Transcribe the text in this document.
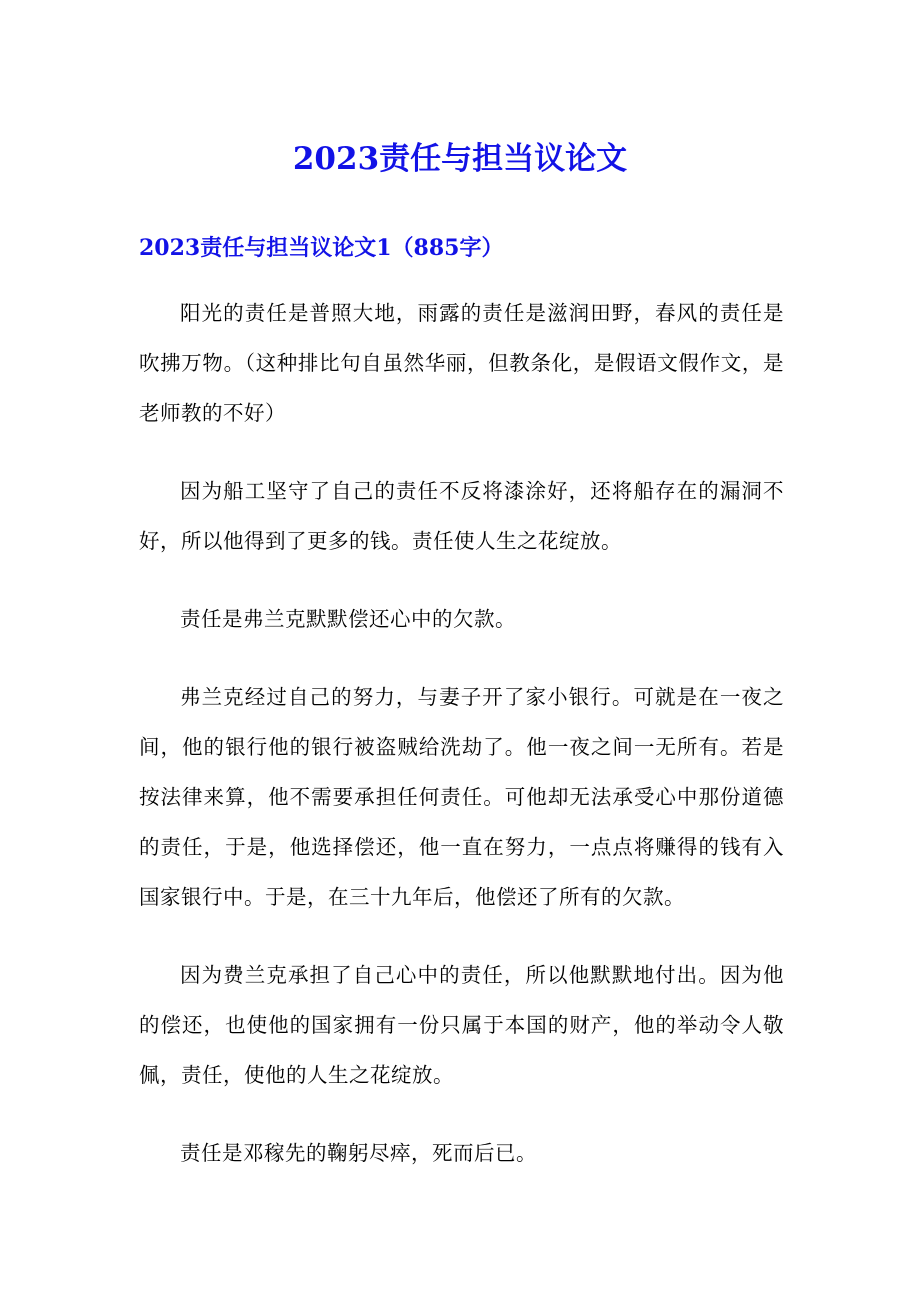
2023责任与担当议论文
2023责任与担当议论文1（885字）

阳光的责任是普照大地，雨露的责任是滋润田野，春风的责任是吹拂万物。（这种排比句自虽然华丽，但教条化，是假语文假作文，是老师教的不好）

因为船工坚守了自己的责任不反将漆涂好，还将船存在的漏洞不好，所以他得到了更多的钱。责任使人生之花绽放。

责任是弗兰克默默偿还心中的欠款。

弗兰克经过自己的努力，与妻子开了家小银行。可就是在一夜之间，他的银行他的银行被盗贼给洗劫了。他一夜之间一无所有。若是按法律来算，他不需要承担任何责任。可他却无法承受心中那份道德的责任，于是，他选择偿还，他一直在努力，一点点将赚得的钱有入国家银行中。于是，在三十九年后，他偿还了所有的欠款。

因为费兰克承担了自己心中的责任，所以他默默地付出。因为他的偿还，也使他的国家拥有一份只属于本国的财产，他的举动令人敬佩，责任，使他的人生之花绽放。

责任是邓稼先的鞠躬尽瘁，死而后已。
